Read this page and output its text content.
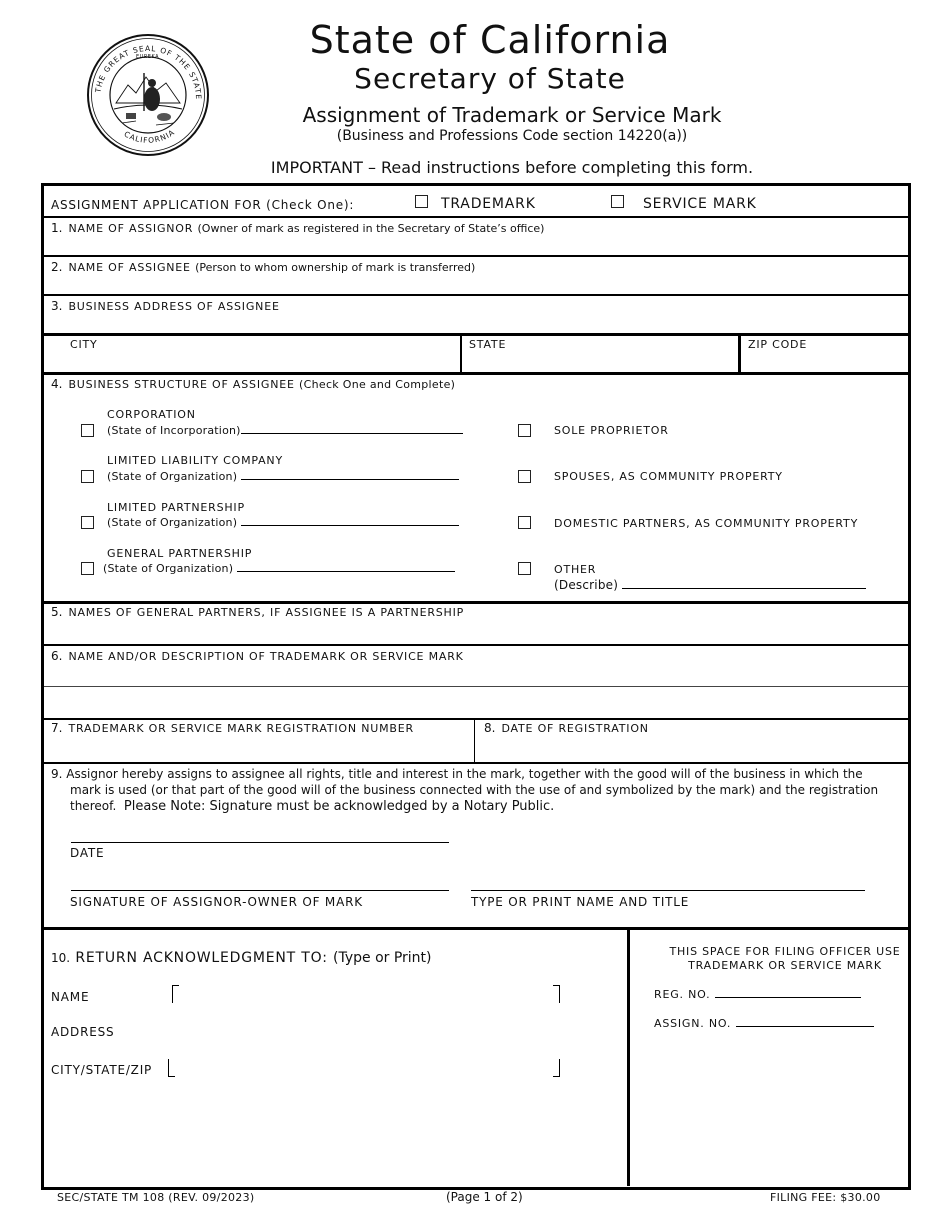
EUREKA
THE GREAT SEAL OF THE STATE
CALIFORNIA
State of California
Secretary of State
Assignment of Trademark or Service Mark
(Business and Professions Code section 14220(a))
IMPORTANT – Read instructions before completing this form.
ASSIGNMENT APPLICATION FOR (Check One):	TRADEMARK	SERVICE MARK
1. NAME OF ASSIGNOR (Owner of mark as registered in the Secretary of State’s office)
2. NAME OF ASSIGNEE (Person to whom ownership of mark is transferred)
3. BUSINESS ADDRESS OF ASSIGNEE
CITY	STATE	ZIP CODE
4. BUSINESS STRUCTURE OF ASSIGNEE (Check One and Complete)
CORPORATION
(State of Incorporation)
LIMITED LIABILITY COMPANY
(State of Organization)
LIMITED PARTNERSHIP
(State of Organization)
GENERAL PARTNERSHIP
(State of Organization)
SOLE PROPRIETOR
SPOUSES, AS COMMUNITY PROPERTY
DOMESTIC PARTNERS, AS COMMUNITY PROPERTY
OTHER
(Describe)
5. NAMES OF GENERAL PARTNERS, IF ASSIGNEE IS A PARTNERSHIP
6. NAME AND/OR DESCRIPTION OF TRADEMARK OR SERVICE MARK
7. TRADEMARK OR SERVICE MARK REGISTRATION NUMBER	8. DATE OF REGISTRATION
9. Assignor hereby assigns to assignee all rights, title and interest in the mark, together with the good will of the business in which the
mark is used (or that part of the good will of the business connected with the use of and symbolized by the mark) and the registration
thereof. Please Note: Signature must be acknowledged by a Notary Public.
DATE
SIGNATURE OF ASSIGNOR-OWNER OF MARK	TYPE OR PRINT NAME AND TITLE
10. RETURN ACKNOWLEDGMENT TO: (Type or Print)
NAME
ADDRESS
CITY/STATE/ZIP
THIS SPACE FOR FILING OFFICER USE
TRADEMARK OR SERVICE MARK
REG. NO.
ASSIGN. NO.
SEC/STATE TM 108 (REV. 09/2023)	(Page 1 of 2)	FILING FEE: $30.00
